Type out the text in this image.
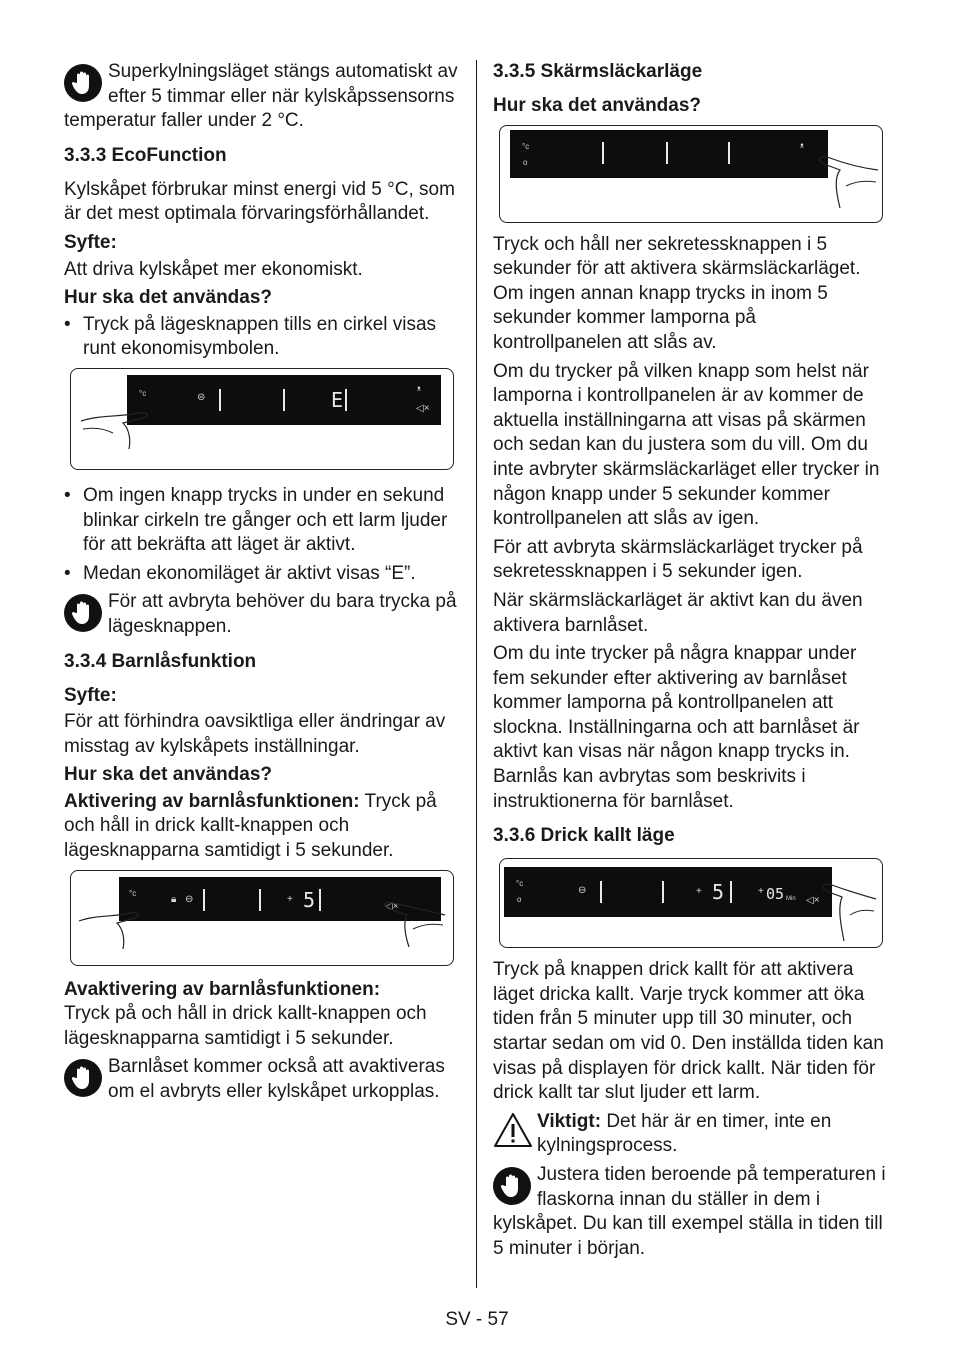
Superkylningsläget stängs automatiskt av efter 5 timmar eller när kylskåpssensorns temperatur faller under 2 °C.
3.3.3 EcoFunction

Kylskåpet förbrukar minst energi vid 5 °C, som är det mest optimala förvaringsförhållandet.

Syfte:

Att driva kylskåpet mer ekonomiskt.

Hur ska det användas?

• Tryck på lägesknappen tills en cirkel visas runt ekonomisymbolen.
°c	⊜	E	ᵜ
◁×
• Om ingen knapp trycks in under en sekund blinkar cirkeln tre gånger och ett larm ljuder för att bekräfta att läget är aktivt.
• Medan ekonomiläget är aktivt visas “E”.
För att avbryta behöver du bara trycka på lägesknappen.
3.3.4 Barnlåsfunktion

Syfte:

För att förhindra oavsiktliga eller ändringar av misstag av kylskåpets inställningar.

Hur ska det användas?

Aktivering av barnlåsfunktionen: Tryck på och håll in drick kallt-knappen och lägesknapparna samtidigt i 5 sekunder.

°c
🔒︎ ⊖	+ 5	◁×

Avaktivering av barnlåsfunktionen:

Tryck på och håll in drick kallt-knappen och lägesknapparna samtidigt i 5 sekunder.

Barnlåset kommer också att avaktiveras om el avbryts eller kylskåpet urkopplas.
3.3.5 Skärmsläckarläge

Hur ska det användas?

°c
o
ᵜ

Tryck och håll ner sekretessknappen i 5 sekunder för att aktivera skärmsläckarläget. Om ingen annan knapp trycks in inom 5 sekunder kommer lamporna på kontrollpanelen att slås av.

Om du trycker på vilken knapp som helst när lamporna i kontrollpanelen är av kommer de aktuella inställningarna att visas på skärmen och sedan kan du justera som du vill. Om du inte avbryter skärmsläckarläget eller trycker in någon knapp under 5 sekunder kommer kontrollpanelen att slås av igen.

För att avbryta skärmsläckarläget trycker på sekretessknappen i 5 sekunder igen.

När skärmsläckarläget är aktivt kan du även aktivera barnlåset.

Om du inte trycker på några knappar under fem sekunder efter aktivering av barnlåset kommer lamporna på kontrollpanelen att slockna. Inställningarna och att barnlåset är aktivt kan visas när någon knapp trycks in. Barnlås kan avbrytas som beskrivits i instruktionerna för barnlåset.

3.3.6 Drick kallt läge
°c
o
⊖	+ 5	+ 05 Min ◁×

Tryck på knappen drick kallt för att aktivera läget dricka kallt. Varje tryck kommer att öka tiden från 5 minuter upp till 30 minuter, och startar sedan om vid 0. Den inställda tiden kan visas på displayen för drick kallt. När tiden för drick kallt tar slut ljuder ett larm.

Viktigt: Det här är en timer, inte en kylningsprocess.
Justera tiden beroende på temperaturen i flaskorna innan du ställer in dem i kylskåpet. Du kan till exempel ställa in tiden till 5 minuter i början.
SV - 57
